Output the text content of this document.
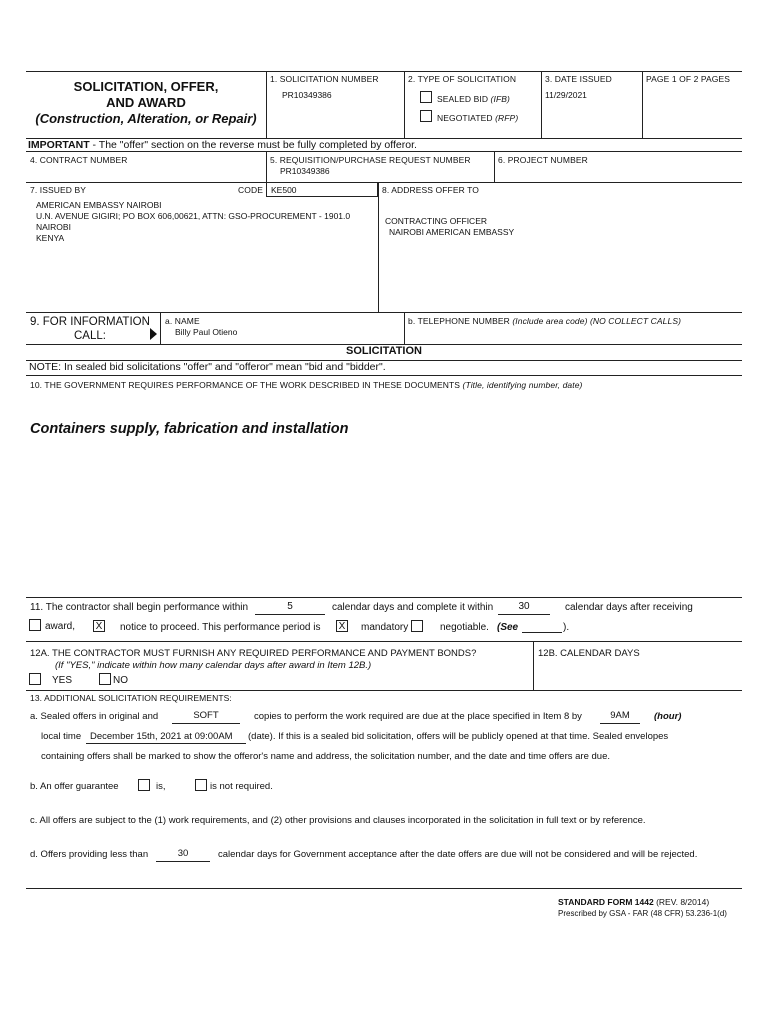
SOLICITATION, OFFER,
AND AWARD
(Construction, Alteration, or Repair)
1. SOLICITATION NUMBER
PR10349386
2. TYPE OF SOLICITATION
SEALED BID (IFB)
NEGOTIATED (RFP)
3. DATE ISSUED
11/29/2021
PAGE 1 OF 2 PAGES
IMPORTANT - The "offer" section on the reverse must be fully completed by offeror.
4. CONTRACT NUMBER	5. REQUISITION/PURCHASE REQUEST NUMBER
PR10349386
6. PROJECT NUMBER
7. ISSUED BY	CODE KE500	8. ADDRESS OFFER TO
AMERICAN EMBASSY NAIROBI
U.N. AVENUE GIGIRI; PO BOX 606,00621, ATTN: GSO-PROCUREMENT - 1901.0
NAIROBI
KENYA
CONTRACTING OFFICER
NAIROBI AMERICAN EMBASSY
9. FOR INFORMATION
CALL:
a. NAME
Billy Paul Otieno
b. TELEPHONE NUMBER (Include area code) (NO COLLECT CALLS)
SOLICITATION
NOTE: In sealed bid solicitations "offer" and "offeror" mean "bid and "bidder".
10. THE GOVERNMENT REQUIRES PERFORMANCE OF THE WORK DESCRIBED IN THESE DOCUMENTS (Title, identifying number, date)
Containers supply, fabrication and installation
11. The contractor shall begin performance within	5	calendar days and complete it within	30	calendar days after receiving
award, X notice to proceed. This performance period is X mandatory	negotiable. (See	).
12A. THE CONTRACTOR MUST FURNISH ANY REQUIRED PERFORMANCE AND PAYMENT BONDS?
(If "YES," indicate within how many calendar days after award in Item 12B.)
YES	NO
12B. CALENDAR DAYS
13. ADDITIONAL SOLICITATION REQUIREMENTS:
a. Sealed offers in original and	SOFT	copies to perform the work required are due at the place specified in Item 8 by	9AM	(hour)
local time December 15th, 2021 at 09:00AM (date). If this is a sealed bid solicitation, offers will be publicly opened at that time. Sealed envelopes
containing offers shall be marked to show the offeror's name and address, the solicitation number, and the date and time offers are due.
b. An offer guarantee	is,	is not required.
c. All offers are subject to the (1) work requirements, and (2) other provisions and clauses incorporated in the solicitation in full text or by reference.
d. Offers providing less than	30	calendar days for Government acceptance after the date offers are due will not be considered and will be rejected.
STANDARD FORM 1442 (REV. 8/2014)
Prescribed by GSA - FAR (48 CFR) 53.236-1(d)
